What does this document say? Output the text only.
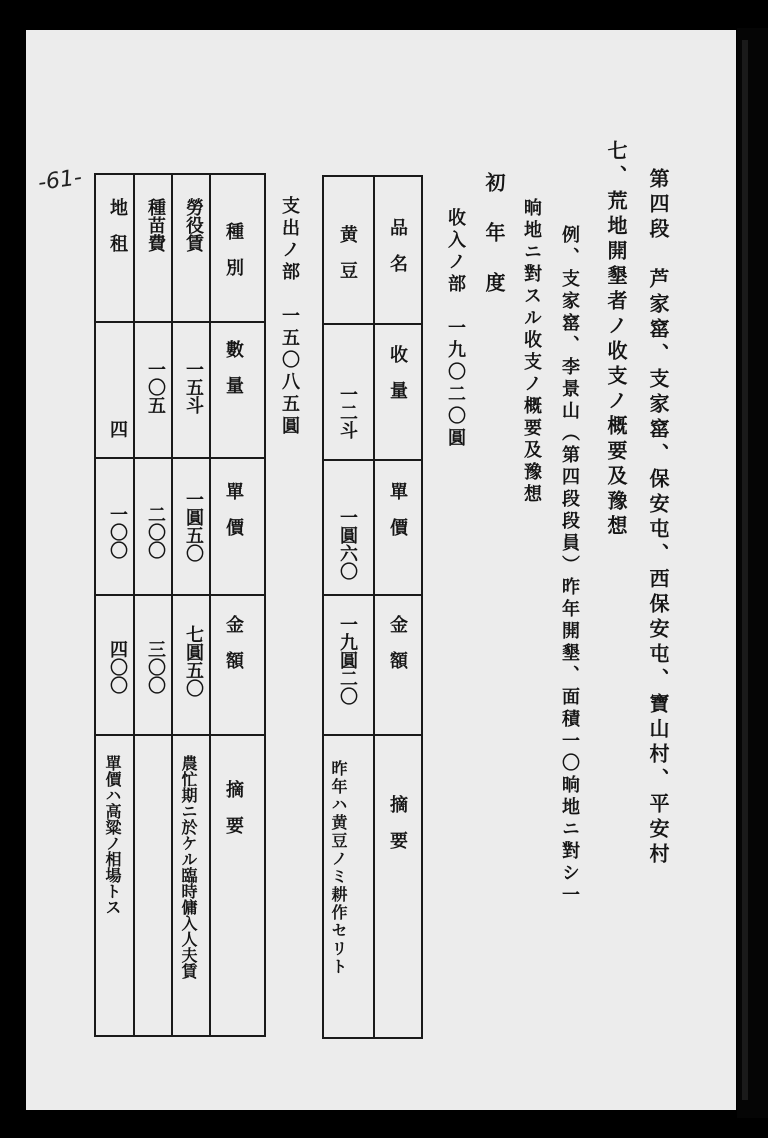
-61-	第四段　芦家窰、支家窰、保安屯、西保安屯、寶山村、平安村
七、荒地開墾者ノ收支ノ概要及豫想
例、支家窰、李景山（第四段段員）昨年開墾、面積一〇晌地ニ對シ一
晌地ニ對スル收支ノ概要及豫想
初　年　度
收入ノ部　一九〇二〇圓
品　名
收　量
單　價
金　額
摘　要
黄　豆
一二斗
一圓六〇
一九圓二〇
昨年ハ黄豆ノミ耕作セリト
支出ノ部　一五〇八五圓
種　別
數　量
單　價
金　額
摘　要
勞役賃
一五斗
一圓五〇
七圓五〇
農忙期ニ於ケル臨時傭入人夫賃
種苗費
一〇五
二〇〇
三〇〇
地　租
四
一〇〇
四〇〇
單價ハ高粱ノ相場トス
